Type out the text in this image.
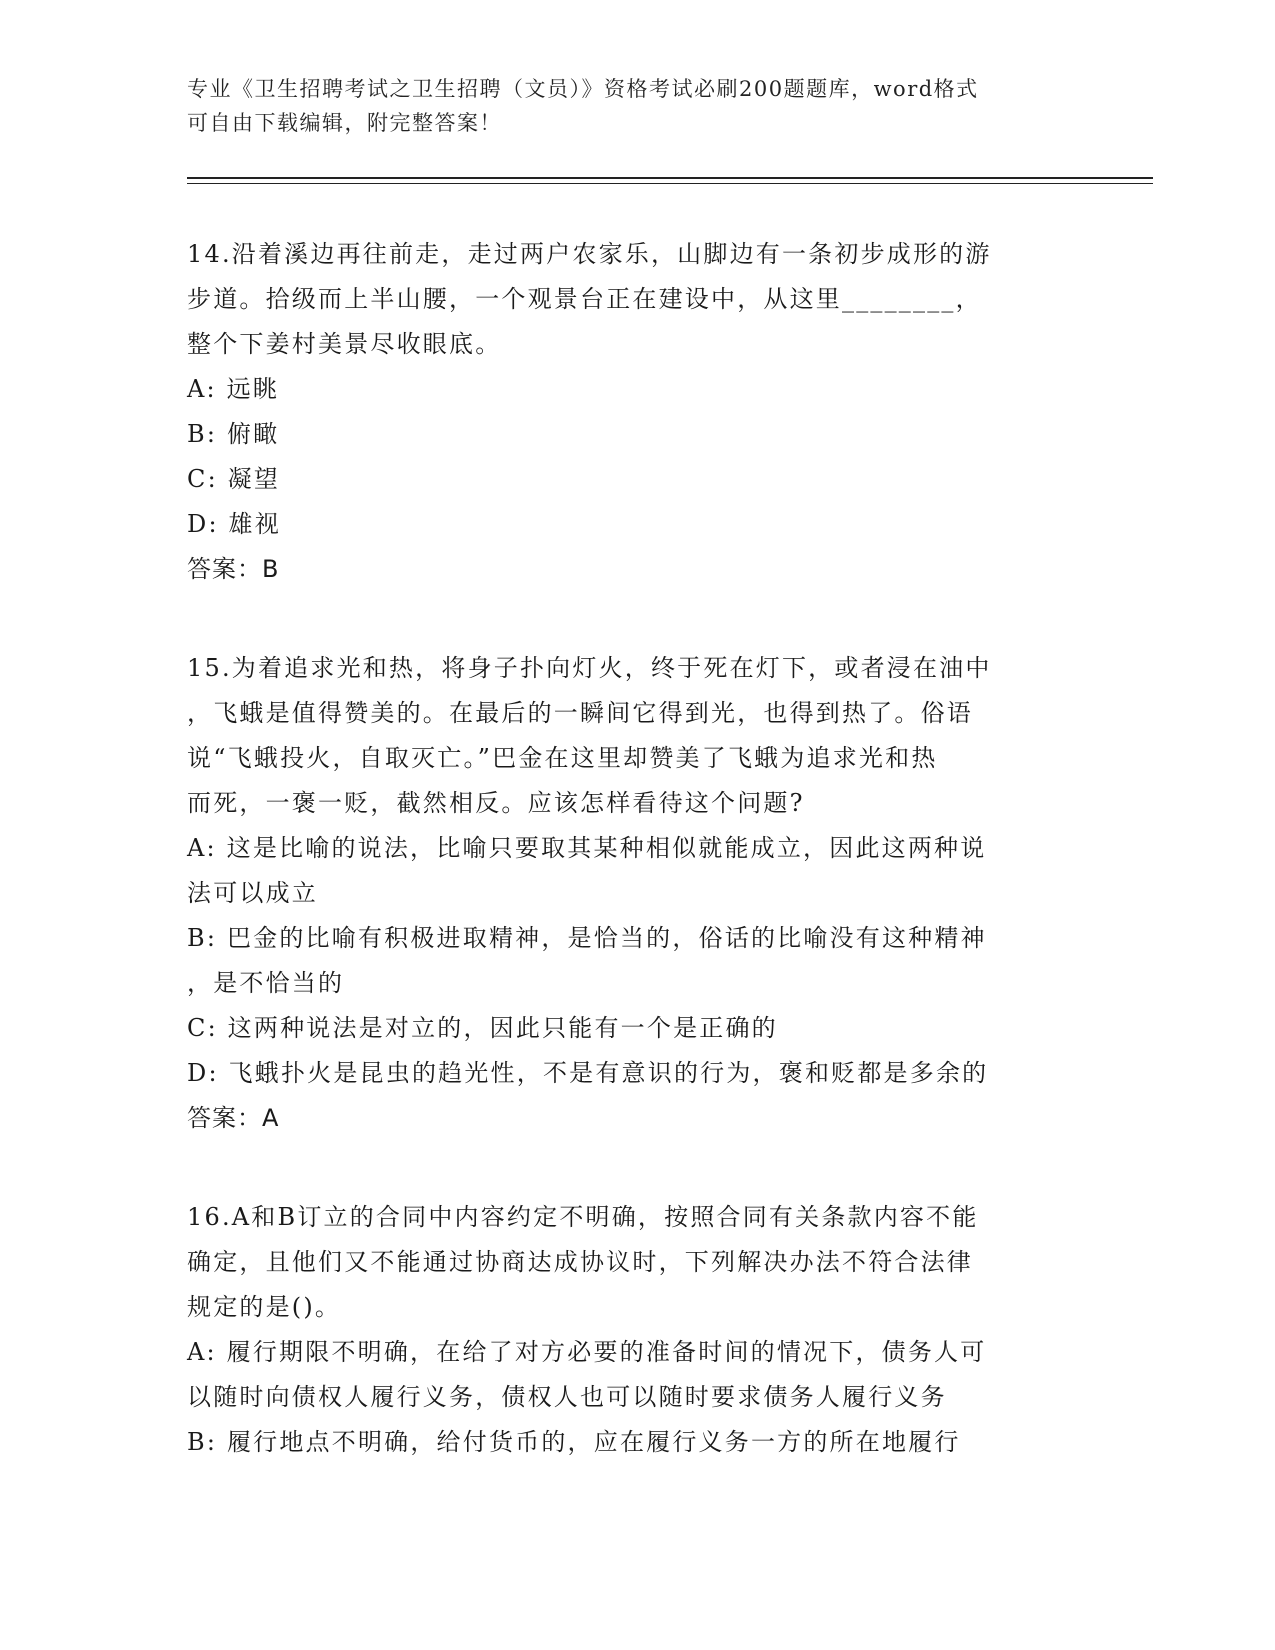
专业《卫生招聘考试之卫生招聘（文员）》资格考试必刷200题题库，word格式
可自由下载编辑，附完整答案！

14.沿着溪边再往前走，走过两户农家乐，山脚边有一条初步成形的游

步道。拾级而上半山腰，一个观景台正在建设中，从这里________，

整个下姜村美景尽收眼底。

A: 远眺

B: 俯瞰

C: 凝望

D: 雄视

答案：B

15.为着追求光和热，将身子扑向灯火，终于死在灯下，或者浸在油中

，飞蛾是值得赞美的。在最后的一瞬间它得到光，也得到热了。俗语

说“飞蛾投火，自取灭亡。”巴金在这里却赞美了飞蛾为追求光和热

而死，一褒一贬，截然相反。应该怎样看待这个问题?

A: 这是比喻的说法，比喻只要取其某种相似就能成立，因此这两种说

法可以成立

B: 巴金的比喻有积极进取精神，是恰当的，俗话的比喻没有这种精神

，是不恰当的

C: 这两种说法是对立的，因此只能有一个是正确的

D: 飞蛾扑火是昆虫的趋光性，不是有意识的行为，褒和贬都是多余的

答案：A

16.A和B订立的合同中内容约定不明确，按照合同有关条款内容不能

确定，且他们又不能通过协商达成协议时，下列解决办法不符合法律

规定的是()。

A: 履行期限不明确，在给了对方必要的准备时间的情况下，债务人可

以随时向债权人履行义务，债权人也可以随时要求债务人履行义务

B: 履行地点不明确，给付货币的，应在履行义务一方的所在地履行
